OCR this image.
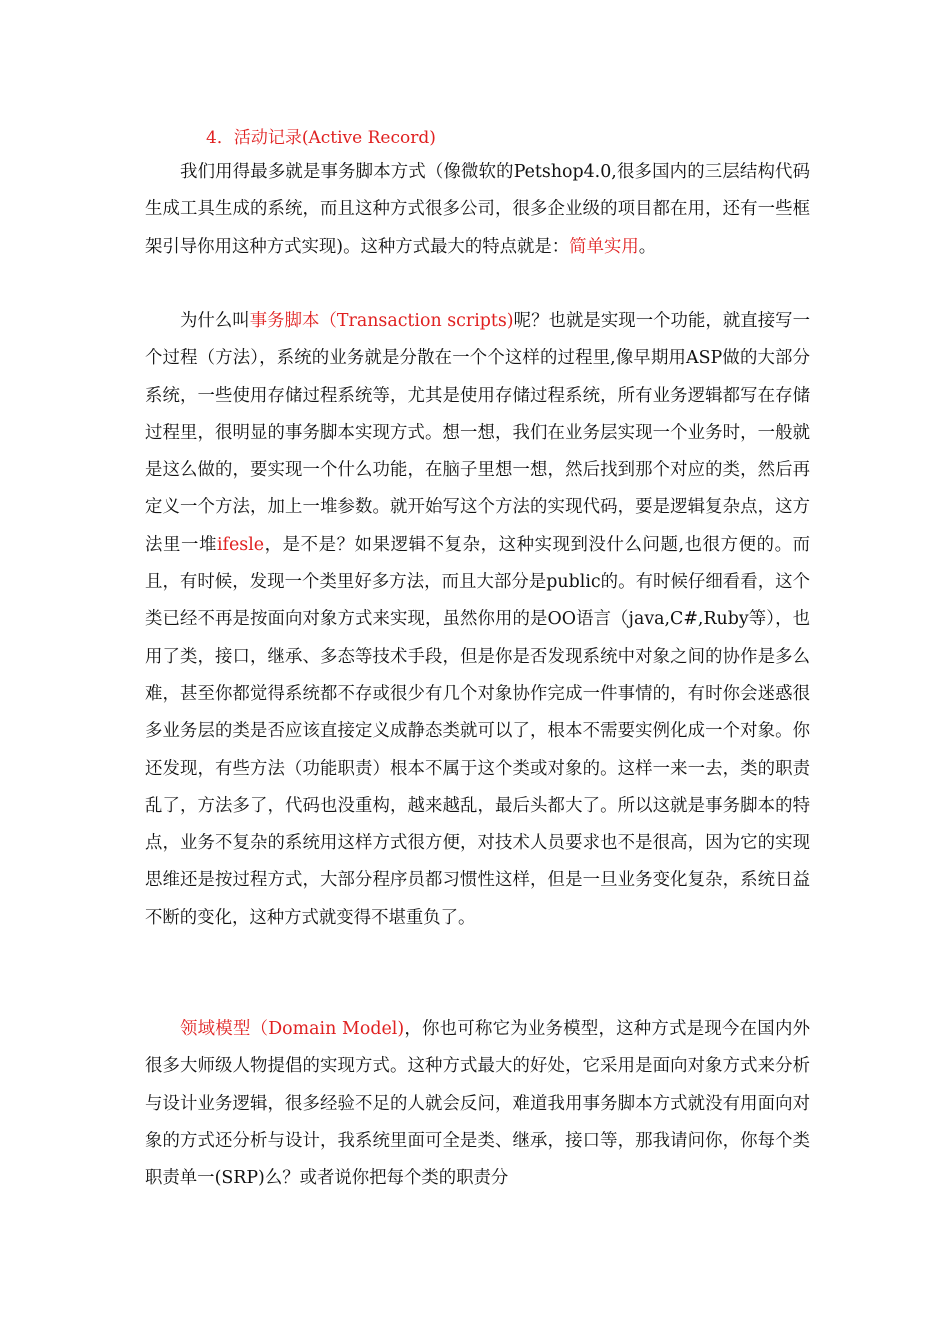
4．活动记录(Active Record)

我们用得最多就是事务脚本方式（像微软的Petshop4.0,很多国内的三层结构代码生成工具生成的系统，而且这种方式很多公司，很多企业级的项目都在用，还有一些框架引导你用这种方式实现)。这种方式最大的特点就是：简单实用。

为什么叫事务脚本（Transaction scripts)呢？也就是实现一个功能，就直接写一个过程（方法），系统的业务就是分散在一个个这样的过程里,像早期用ASP做的大部分系统，一些使用存储过程系统等，尤其是使用存储过程系统，所有业务逻辑都写在存储过程里，很明显的事务脚本实现方式。想一想，我们在业务层实现一个业务时，一般就是这么做的，要实现一个什么功能，在脑子里想一想，然后找到那个对应的类，然后再定义一个方法，加上一堆参数。就开始写这个方法的实现代码，要是逻辑复杂点，这方法里一堆ifesle，是不是？如果逻辑不复杂，这种实现到没什么问题,也很方便的。而且，有时候，发现一个类里好多方法，而且大部分是public的。有时候仔细看看，这个类已经不再是按面向对象方式来实现，虽然你用的是OO语言（java,C#,Ruby等），也用了类，接口，继承、多态等技术手段，但是你是否发现系统中对象之间的协作是多么难，甚至你都觉得系统都不存或很少有几个对象协作完成一件事情的，有时你会迷惑很多业务层的类是否应该直接定义成静态类就可以了，根本不需要实例化成一个对象。你还发现，有些方法（功能职责）根本不属于这个类或对象的。这样一来一去，类的职责乱了，方法多了，代码也没重构，越来越乱，最后头都大了。所以这就是事务脚本的特点，业务不复杂的系统用这样方式很方便，对技术人员要求也不是很高，因为它的实现思维还是按过程方式，大部分程序员都习惯性这样，但是一旦业务变化复杂，系统日益不断的变化，这种方式就变得不堪重负了。

领域模型（Domain Model)，你也可称它为业务模型，这种方式是现今在国内外很多大师级人物提倡的实现方式。这种方式最大的好处，它采用是面向对象方式来分析与设计业务逻辑，很多经验不足的人就会反问，难道我用事务脚本方式就没有用面向对象的方式还分析与设计，我系统里面可全是类、继承，接口等，那我请问你，你每个类职责单一(SRP)么？或者说你把每个类的职责分
